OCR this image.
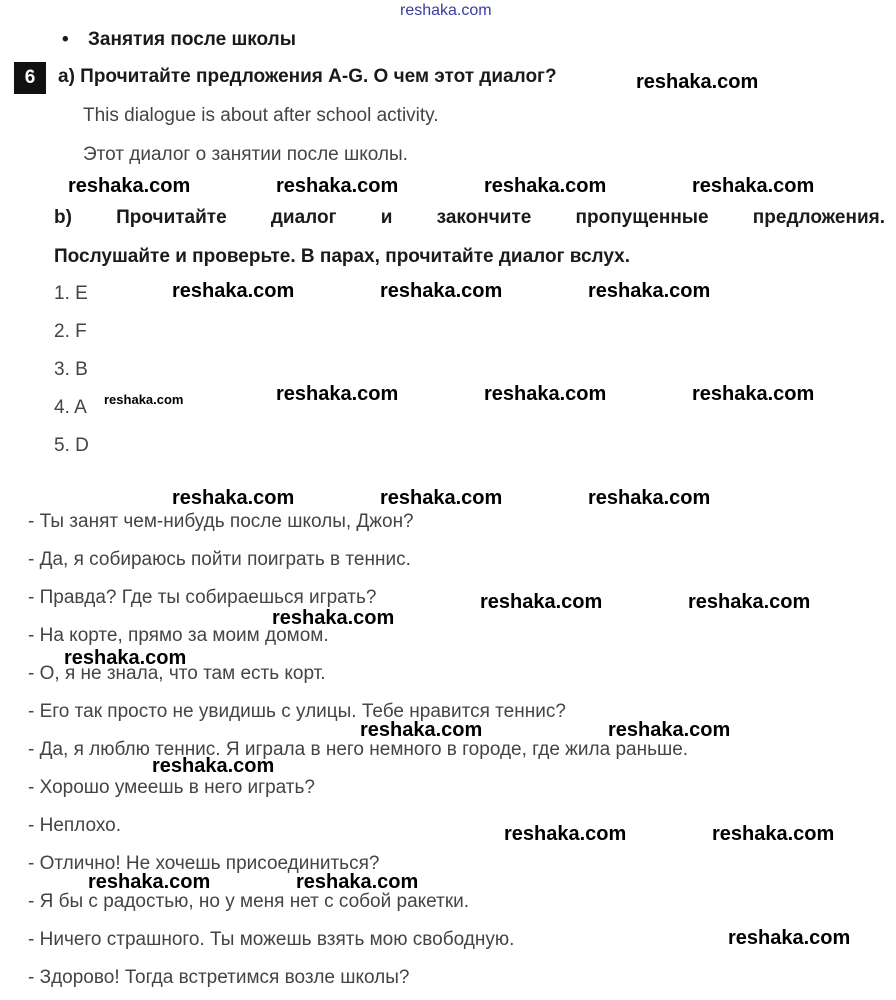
reshaka.com
• Занятия после школы
6	а) Прочитайте предложения A-G. О чем этот диалог?
This dialogue is about after school activity.
Этот диалог о занятии после школы.
b) Прочитайте диалог и закончите пропущенные предложения.
Послушайте и проверьте. В парах, прочитайте диалог вслух.
1. E
2. F
3. B
4. A
5. D
- Ты занят чем-нибудь после школы, Джон?
- Да, я собираюсь пойти поиграть в теннис.
- Правда? Где ты собираешься играть?
- На корте, прямо за моим домом.
- О, я не знала, что там есть корт.
- Его так просто не увидишь с улицы. Тебе нравится теннис?
- Да, я люблю теннис. Я играла в него немного в городе, где жила раньше.
- Хорошо умеешь в него играть?
- Неплохо.
- Отлично! Не хочешь присоединиться?
- Я бы с радостью, но у меня нет с собой ракетки.
- Ничего страшного. Ты можешь взять мою свободную.
- Здорово! Тогда встретимся возле школы?
reshaka.com
reshaka.com	reshaka.com	reshaka.com	reshaka.com
reshaka.com	reshaka.com	reshaka.com
reshaka.com	reshaka.com	reshaka.com	reshaka.com
reshaka.com	reshaka.com	reshaka.com
reshaka.com	reshaka.com
reshaka.com
reshaka.com
reshaka.com	reshaka.com
reshaka.com
reshaka.com	reshaka.com
reshaka.com	reshaka.com
reshaka.com
